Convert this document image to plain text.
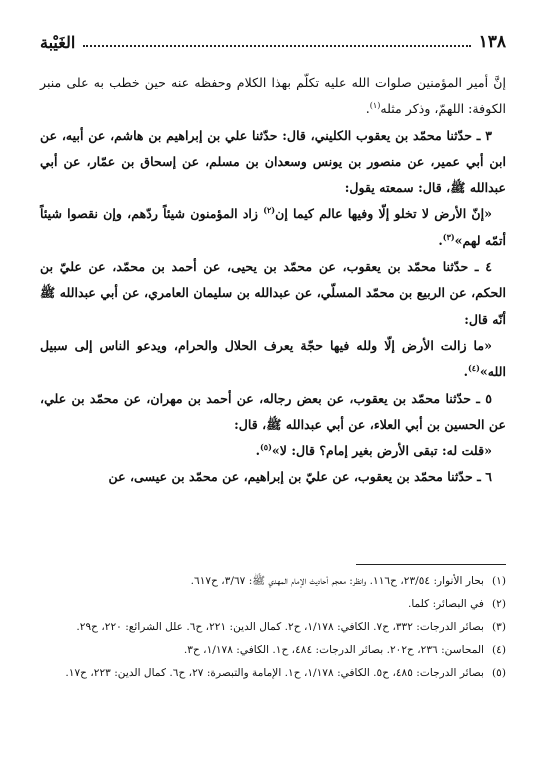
١٣٨
الغَيْبة

إنَّ أمير المؤمنين صلوات الله عليه تكلّم بهذا الكلام وحفظه عنه حين خطب به على منبر الكوفة: اللهمّ، وذكر مثله$^{(١)}$.

٣ ـ حدّثنا محمّد بن يعقوب الكليني، قال: حدّثنا علي بن إبراهيم بن هاشم، عن أبيه، عن ابن أبي عمير، عن منصور بن يونس وسعدان بن مسلم، عن إسحاق بن عمّار، عن أبي عبدالله ﷺ، قال: سمعته يقول:

«إنّ الأرض لا تخلو إلّا وفيها عالم كيما إن$^{(٢)}$ زاد المؤمنون شيئاً ردّهم، وإن نقصوا شيئاً أتمّه لهم»$^{(٣)}$.

٤ ـ حدّثنا محمّد بن يعقوب، عن محمّد بن يحيى، عن أحمد بن محمّد، عن عليّ بن الحكم، عن الربيع بن محمّد المسلّي، عن عبدالله بن سليمان العامري، عن أبي عبدالله ﷺ أنّه قال:

«ما زالت الأرض إلّا ولله فيها حجّة يعرف الحلال والحرام، ويدعو الناس إلى سبيل الله»$^{(٤)}$.

٥ ـ حدّثنا محمّد بن يعقوب، عن بعض رجاله، عن أحمد بن مهران، عن محمّد بن علي، عن الحسين بن أبي العلاء، عن أبي عبدالله ﷺ، قال:

«قلت له: تبقى الأرض بغير إمام؟ قال: لا»$^{(٥)}$.

٦ ـ حدّثنا محمّد بن يعقوب، عن عليّ بن إبراهيم، عن محمّد بن عيسى، عن

(١)
بحار الأنوار: ٢٣/٥٤، ح١١٦. وانظر: معجم أحاديث الإمام المهدي ﷺ: ٣/٦٧، ح٦١٧.
(٢)
في البصائر: كلما.
(٣)
بصائر الدرجات: ٣٣٢، ح٧. الكافي: ١/١٧٨، ح٢. كمال الدين: ٢٢١، ح٦. علل الشرائع: ٢٢٠، ح٢٩.
(٤)
المحاسن: ٢٣٦، ح٢٠٢. بصائر الدرجات: ٤٨٤، ح١. الكافي: ١/١٧٨، ح٣.
(٥)
بصائر الدرجات: ٤٨٥، ح٥. الكافي: ١/١٧٨، ح١. الإمامة والتبصرة: ٢٧، ح٦. كمال الدين: ٢٢٣، ح١٧.
